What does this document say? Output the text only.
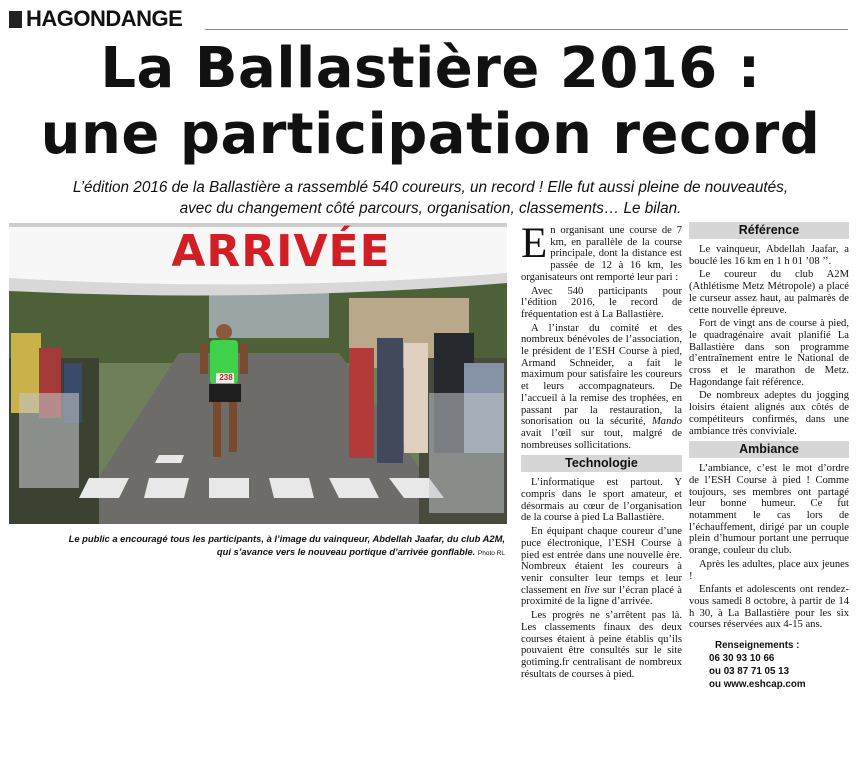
HAGONDANGE
La Ballastière 2016 :
une participation record
L’édition 2016 de la Ballastière a rassemblé 540 coureurs, un record ! Elle fut aussi pleine de nouveautés,
avec du changement côté parcours, organisation, classements… Le bilan.
ARRIVÉE
238
Le public a encouragé tous les participants, à l’image du vainqueur, Abdellah Jaafar, du club A2M,
qui s’avance vers le nouveau portique d’arrivée gonflable. Photo RL

En organisant une course de 7 km, en parallèle de la course principale, dont la distance est passée de 12 à 16 km, les organisateurs ont remporté leur pari :

Avec 540 participants pour l’édition 2016, le record de fréquentation est à La Ballastière.

A l’instar du comité et des nombreux bénévoles de l’association, le président de l’ESH Course à pied, Armand Schneider, a fait le maximum pour satisfaire les coureurs et leurs accompagnateurs. De l’accueil à la remise des trophées, en passant par la restauration, la sonorisation ou la sécurité, Mando avait l’œil sur tout, malgré de nombreuses sollicitations.

Technologie

L’informatique est partout. Y compris dans le sport amateur, et désormais au cœur de l’organisation de la course à pied La Ballastière.

En équipant chaque coureur d’une puce électronique, l’ESH Course à pied est entrée dans une nouvelle ère. Nombreux étaient les coureurs à venir consulter leur temps et leur classement en live sur l’écran placé à proximité de la ligne d’arrivée.

Les progrès ne s’arrêtent pas là. Les classements finaux des deux courses étaient à peine établis qu’ils pouvaient être consultés sur le site gotiming.fr centralisant de nombreux résultats de courses à pied.

Référence

Le vainqueur, Abdellah Jaafar, a bouclé les 16 km en 1 h 01 ’08 ’’.

Le coureur du club A2M (Athlétisme Metz Métropole) a placé le curseur assez haut, au palmarès de cette nouvelle épreuve.

Fort de vingt ans de course à pied, le quadragénaire avait planifié La Ballastière dans son programme d’entraînement entre le National de cross et le marathon de Metz. Hagondange fait référence.

De nombreux adeptes du jogging loisirs étaient alignés aux côtés de compétiteurs confirmés, dans une ambiance très conviviale.

Ambiance

L’ambiance, c’est le mot d’ordre de l’ESH Course à pied ! Comme toujours, ses membres ont partagé leur bonne humeur. Ce fut notamment le cas lors de l’échauffement, dirigé par un couple plein d’humour portant une perruque orange, couleur du club.

Après les adultes, place aux jeunes !

Enfants et adolescents ont rendez-vous samedi 8 octobre, à partir de 14 h 30, à La Ballastière pour les six courses réservées aux 4-15 ans.

Renseignements :
06 30 93 10 66
ou 03 87 71 05 13
ou www.eshcap.com
